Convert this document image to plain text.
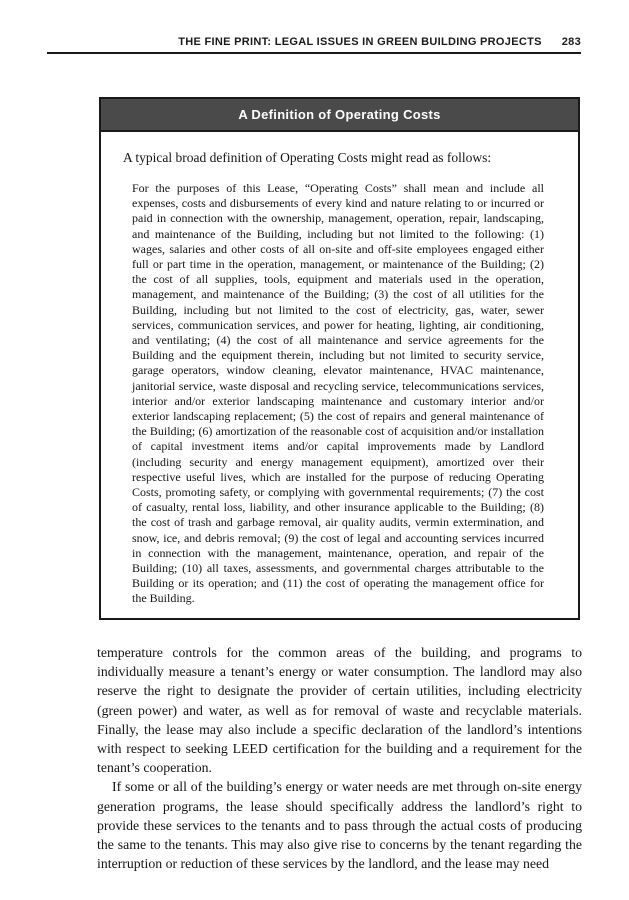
THE FINE PRINT: LEGAL ISSUES IN GREEN BUILDING PROJECTS 283
A Definition of Operating Costs

A typical broad definition of Operating Costs might read as follows:

For the purposes of this Lease, “Operating Costs” shall mean and include all expenses, costs and disbursements of every kind and nature relating to or incurred or paid in connection with the ownership, management, operation, repair, landscaping, and maintenance of the Building, including but not limited to the following: (1) wages, salaries and other costs of all on-site and off-site employees engaged either full or part time in the operation, management, or maintenance of the Building; (2) the cost of all supplies, tools, equipment and materials used in the operation, management, and maintenance of the Building; (3) the cost of all utilities for the Building, including but not limited to the cost of electricity, gas, water, sewer services, communication services, and power for heating, lighting, air conditioning, and ventilating; (4) the cost of all maintenance and service agreements for the Building and the equipment therein, including but not limited to security service, garage operators, window cleaning, elevator maintenance, HVAC maintenance, janitorial service, waste disposal and recycling service, telecommunications services, interior and/or exterior landscaping maintenance and customary interior and/or exterior landscaping replacement; (5) the cost of repairs and general maintenance of the Building; (6) amortization of the reasonable cost of acquisition and/or installation of capital investment items and/or capital improvements made by Landlord (including security and energy management equipment), amortized over their respective useful lives, which are installed for the purpose of reducing Operating Costs, promoting safety, or complying with governmental requirements; (7) the cost of casualty, rental loss, liability, and other insurance applicable to the Building; (8) the cost of trash and garbage removal, air quality audits, vermin extermination, and snow, ice, and debris removal; (9) the cost of legal and accounting services incurred in connection with the management, maintenance, operation, and repair of the Building; (10) all taxes, assessments, and governmental charges attributable to the Building or its operation; and (11) the cost of operating the management office for the Building.

temperature controls for the common areas of the building, and programs to individually measure a tenant’s energy or water consumption. The landlord may also reserve the right to designate the provider of certain utilities, including electricity (green power) and water, as well as for removal of waste and recyclable materials. Finally, the lease may also include a specific declaration of the landlord’s intentions with respect to seeking LEED certification for the building and a requirement for the tenant’s cooperation.

If some or all of the building’s energy or water needs are met through on-site energy generation programs, the lease should specifically address the landlord’s right to provide these services to the tenants and to pass through the actual costs of producing the same to the tenants. This may also give rise to concerns by the tenant regarding the interruption or reduction of these services by the landlord, and the lease may need
